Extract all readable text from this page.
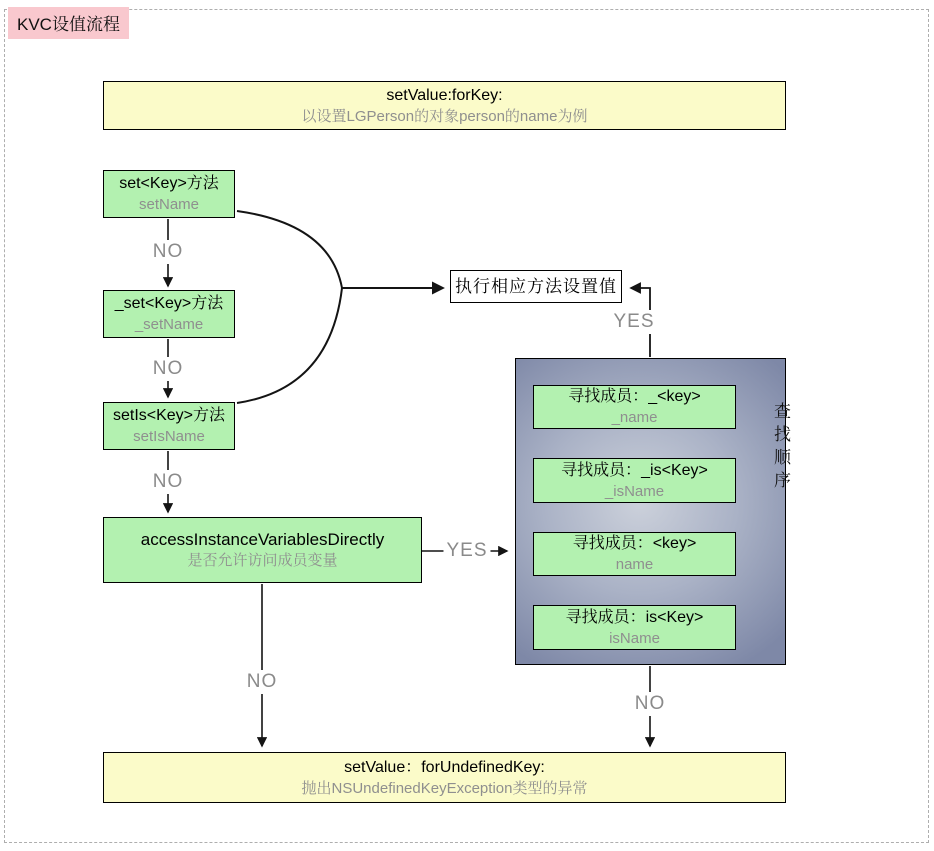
KVC设值流程
setValue:forKey:
以设置LGPerson的对象person的name为例
set<Key>方法
setName
_set<Key>方法
_setName
setIs<Key>方法
setIsName
accessInstanceVariablesDirectly
是否允许访问成员变量
执行相应方法设置值
寻找成员：_<key>
_name
寻找成员：_is<Key>
_isName
寻找成员：<key>
name
寻找成员：is<Key>
isName
查找顺序
setValue：forUndefinedKey:
抛出NSUndefinedKeyException类型的异常
NO
NO
NO
NO
NO
YES
YES
